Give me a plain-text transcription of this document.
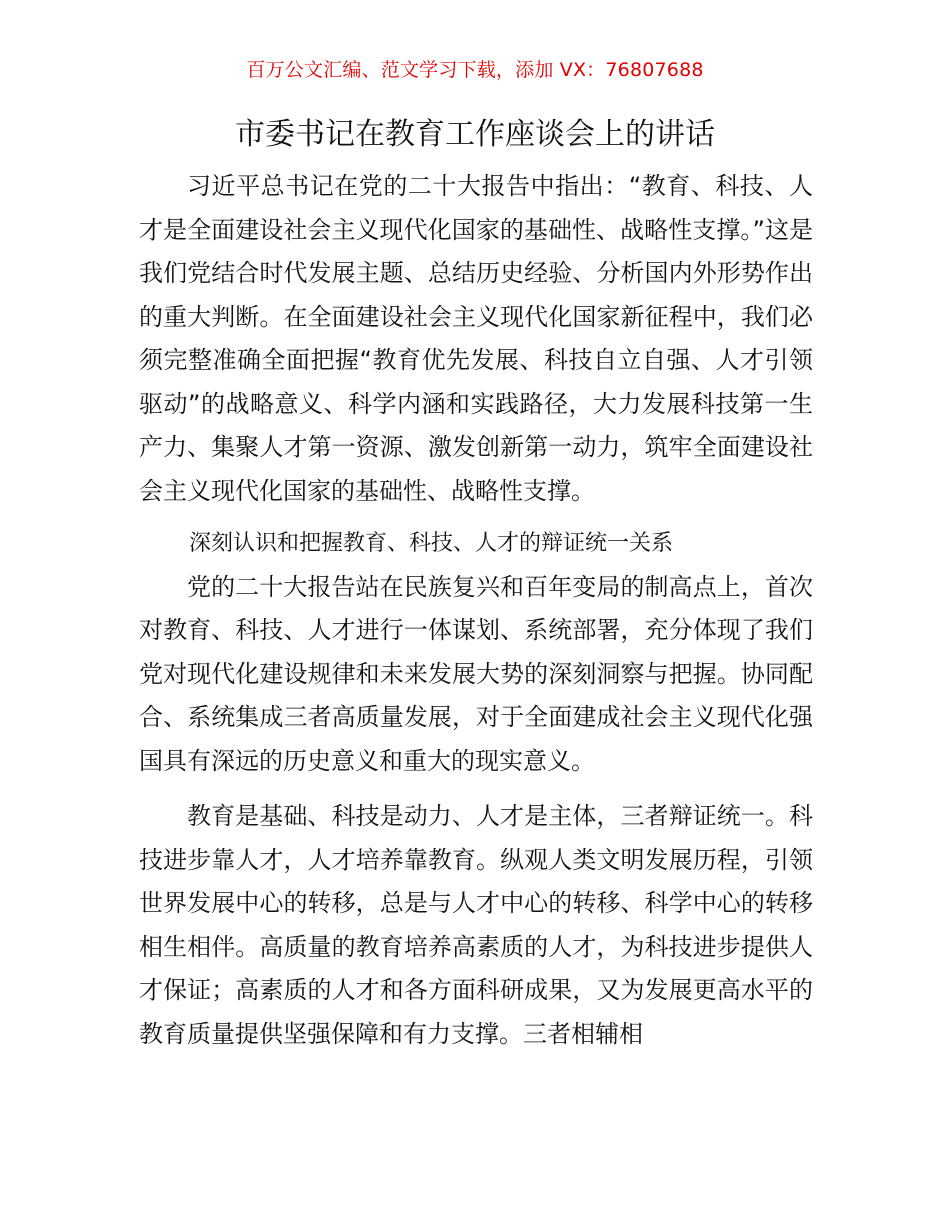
百万公文汇编、范文学习下载，添加 VX：76807688
市委书记在教育工作座谈会上的讲话

习近平总书记在党的二十大报告中指出：“教育、科技、人才是全面建设社会主义现代化国家的基础性、战略性支撑。”这是我们党结合时代发展主题、总结历史经验、分析国内外形势作出的重大判断。在全面建设社会主义现代化国家新征程中，我们必须完整准确全面把握“教育优先发展、科技自立自强、人才引领驱动”的战略意义、科学内涵和实践路径，大力发展科技第一生产力、集聚人才第一资源、激发创新第一动力，筑牢全面建设社会主义现代化国家的基础性、战略性支撑。

深刻认识和把握教育、科技、人才的辩证统一关系

党的二十大报告站在民族复兴和百年变局的制高点上，首次对教育、科技、人才进行一体谋划、系统部署，充分体现了我们党对现代化建设规律和未来发展大势的深刻洞察与把握。协同配合、系统集成三者高质量发展，对于全面建成社会主义现代化强国具有深远的历史意义和重大的现实意义。

教育是基础、科技是动力、人才是主体，三者辩证统一。科技进步靠人才，人才培养靠教育。纵观人类文明发展历程，引领世界发展中心的转移，总是与人才中心的转移、科学中心的转移相生相伴。高质量的教育培养高素质的人才，为科技进步提供人才保证；高素质的人才和各方面科研成果，又为发展更高水平的教育质量提供坚强保障和有力支撑。三者相辅相
